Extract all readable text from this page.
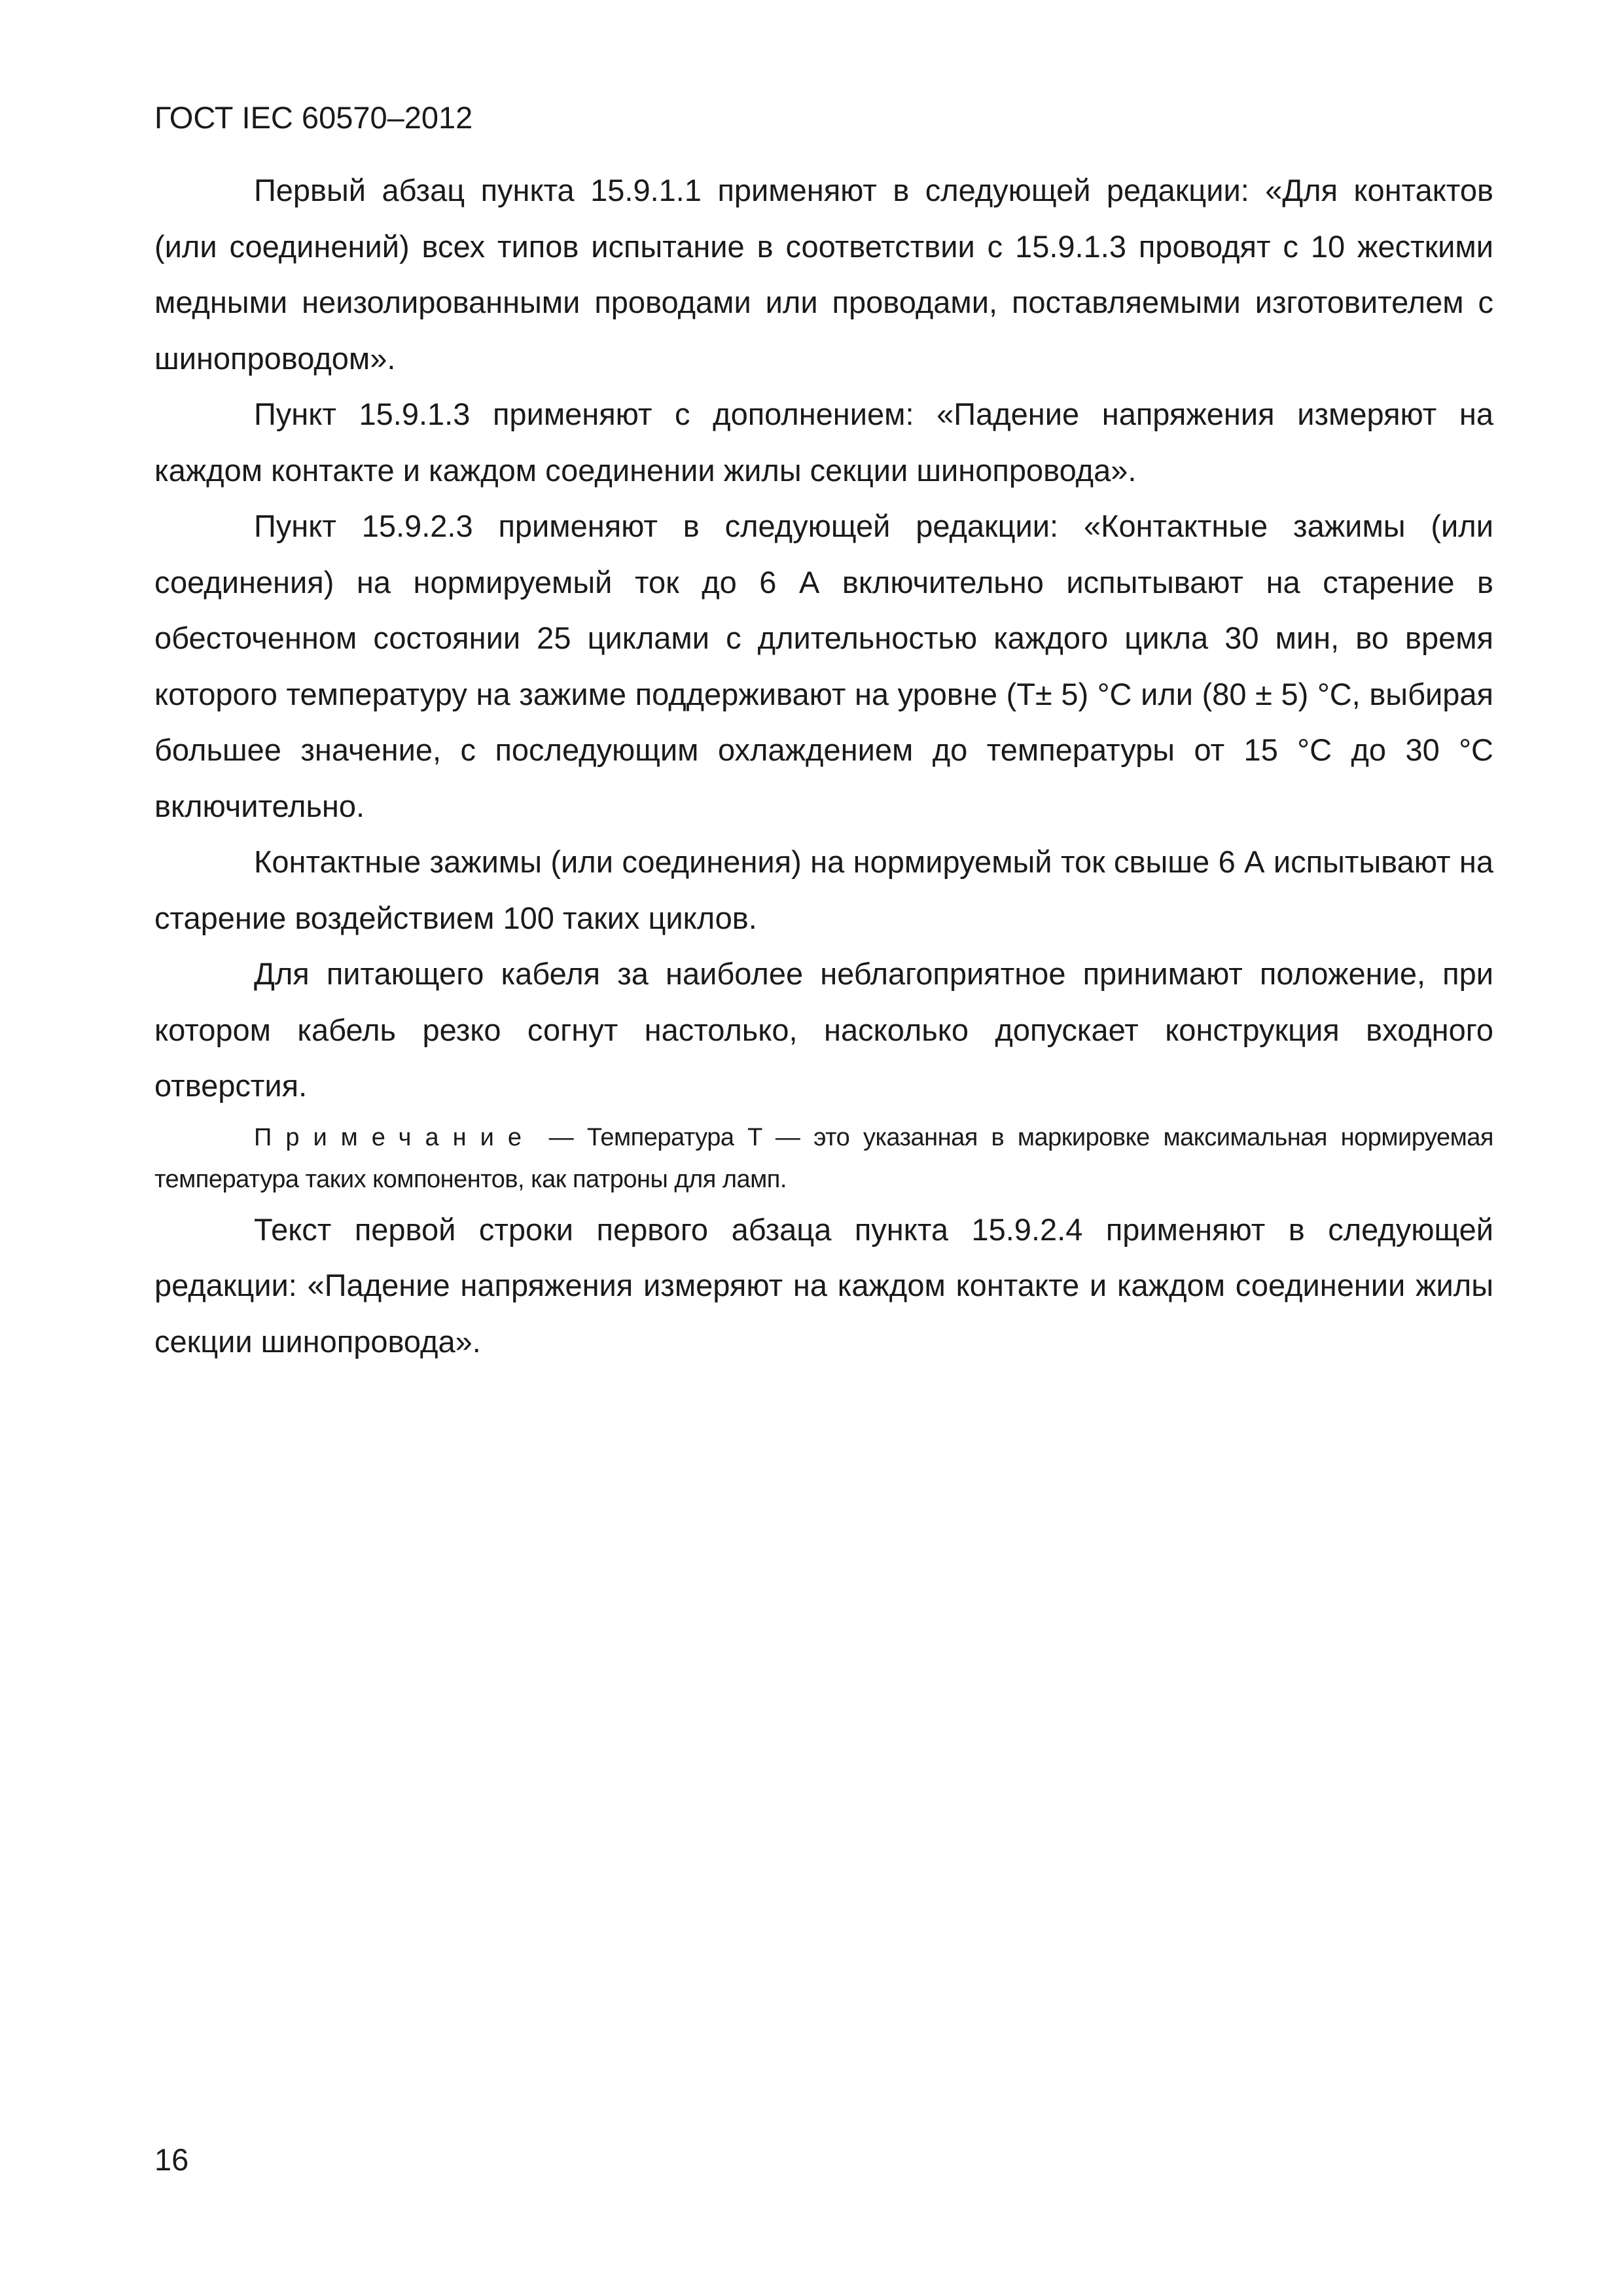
ГОСТ IEC 60570–2012

Первый абзац пункта 15.9.1.1 применяют в следующей редакции: «Для контактов (или соединений) всех типов испытание в соответствии с 15.9.1.3 проводят с 10 жесткими медными неизолированными проводами или проводами, поставляемыми изготовителем с шинопроводом».

Пункт 15.9.1.3 применяют с дополнением: «Падение напряжения измеряют на каждом контакте и каждом соединении жилы секции шинопровода».

Пункт 15.9.2.3 применяют в следующей редакции: «Контактные зажимы (или соединения) на нормируемый ток до 6 А включительно испытывают на старение в обесточенном состоянии 25 циклами с длительностью каждого цикла 30 мин, во время которого температуру на зажиме поддерживают на уровне (T± 5) °С или (80 ± 5) °С, выбирая большее значение, с последующим охлаждением до температуры от 15 °С до 30 °С включительно.

Контактные зажимы (или соединения) на нормируемый ток свыше 6 А испытывают на старение воздействием 100 таких циклов.

Для питающего кабеля за наиболее неблагоприятное принимают положение, при котором кабель резко согнут настолько, насколько допускает конструкция входного отверстия.

Примечание — Температура T — это указанная в маркировке максимальная нормируемая температура таких компонентов, как патроны для ламп.

Текст первой строки первого абзаца пункта 15.9.2.4 применяют в следующей редакции: «Падение напряжения измеряют на каждом контакте и каждом соединении жилы секции шинопровода».

16
